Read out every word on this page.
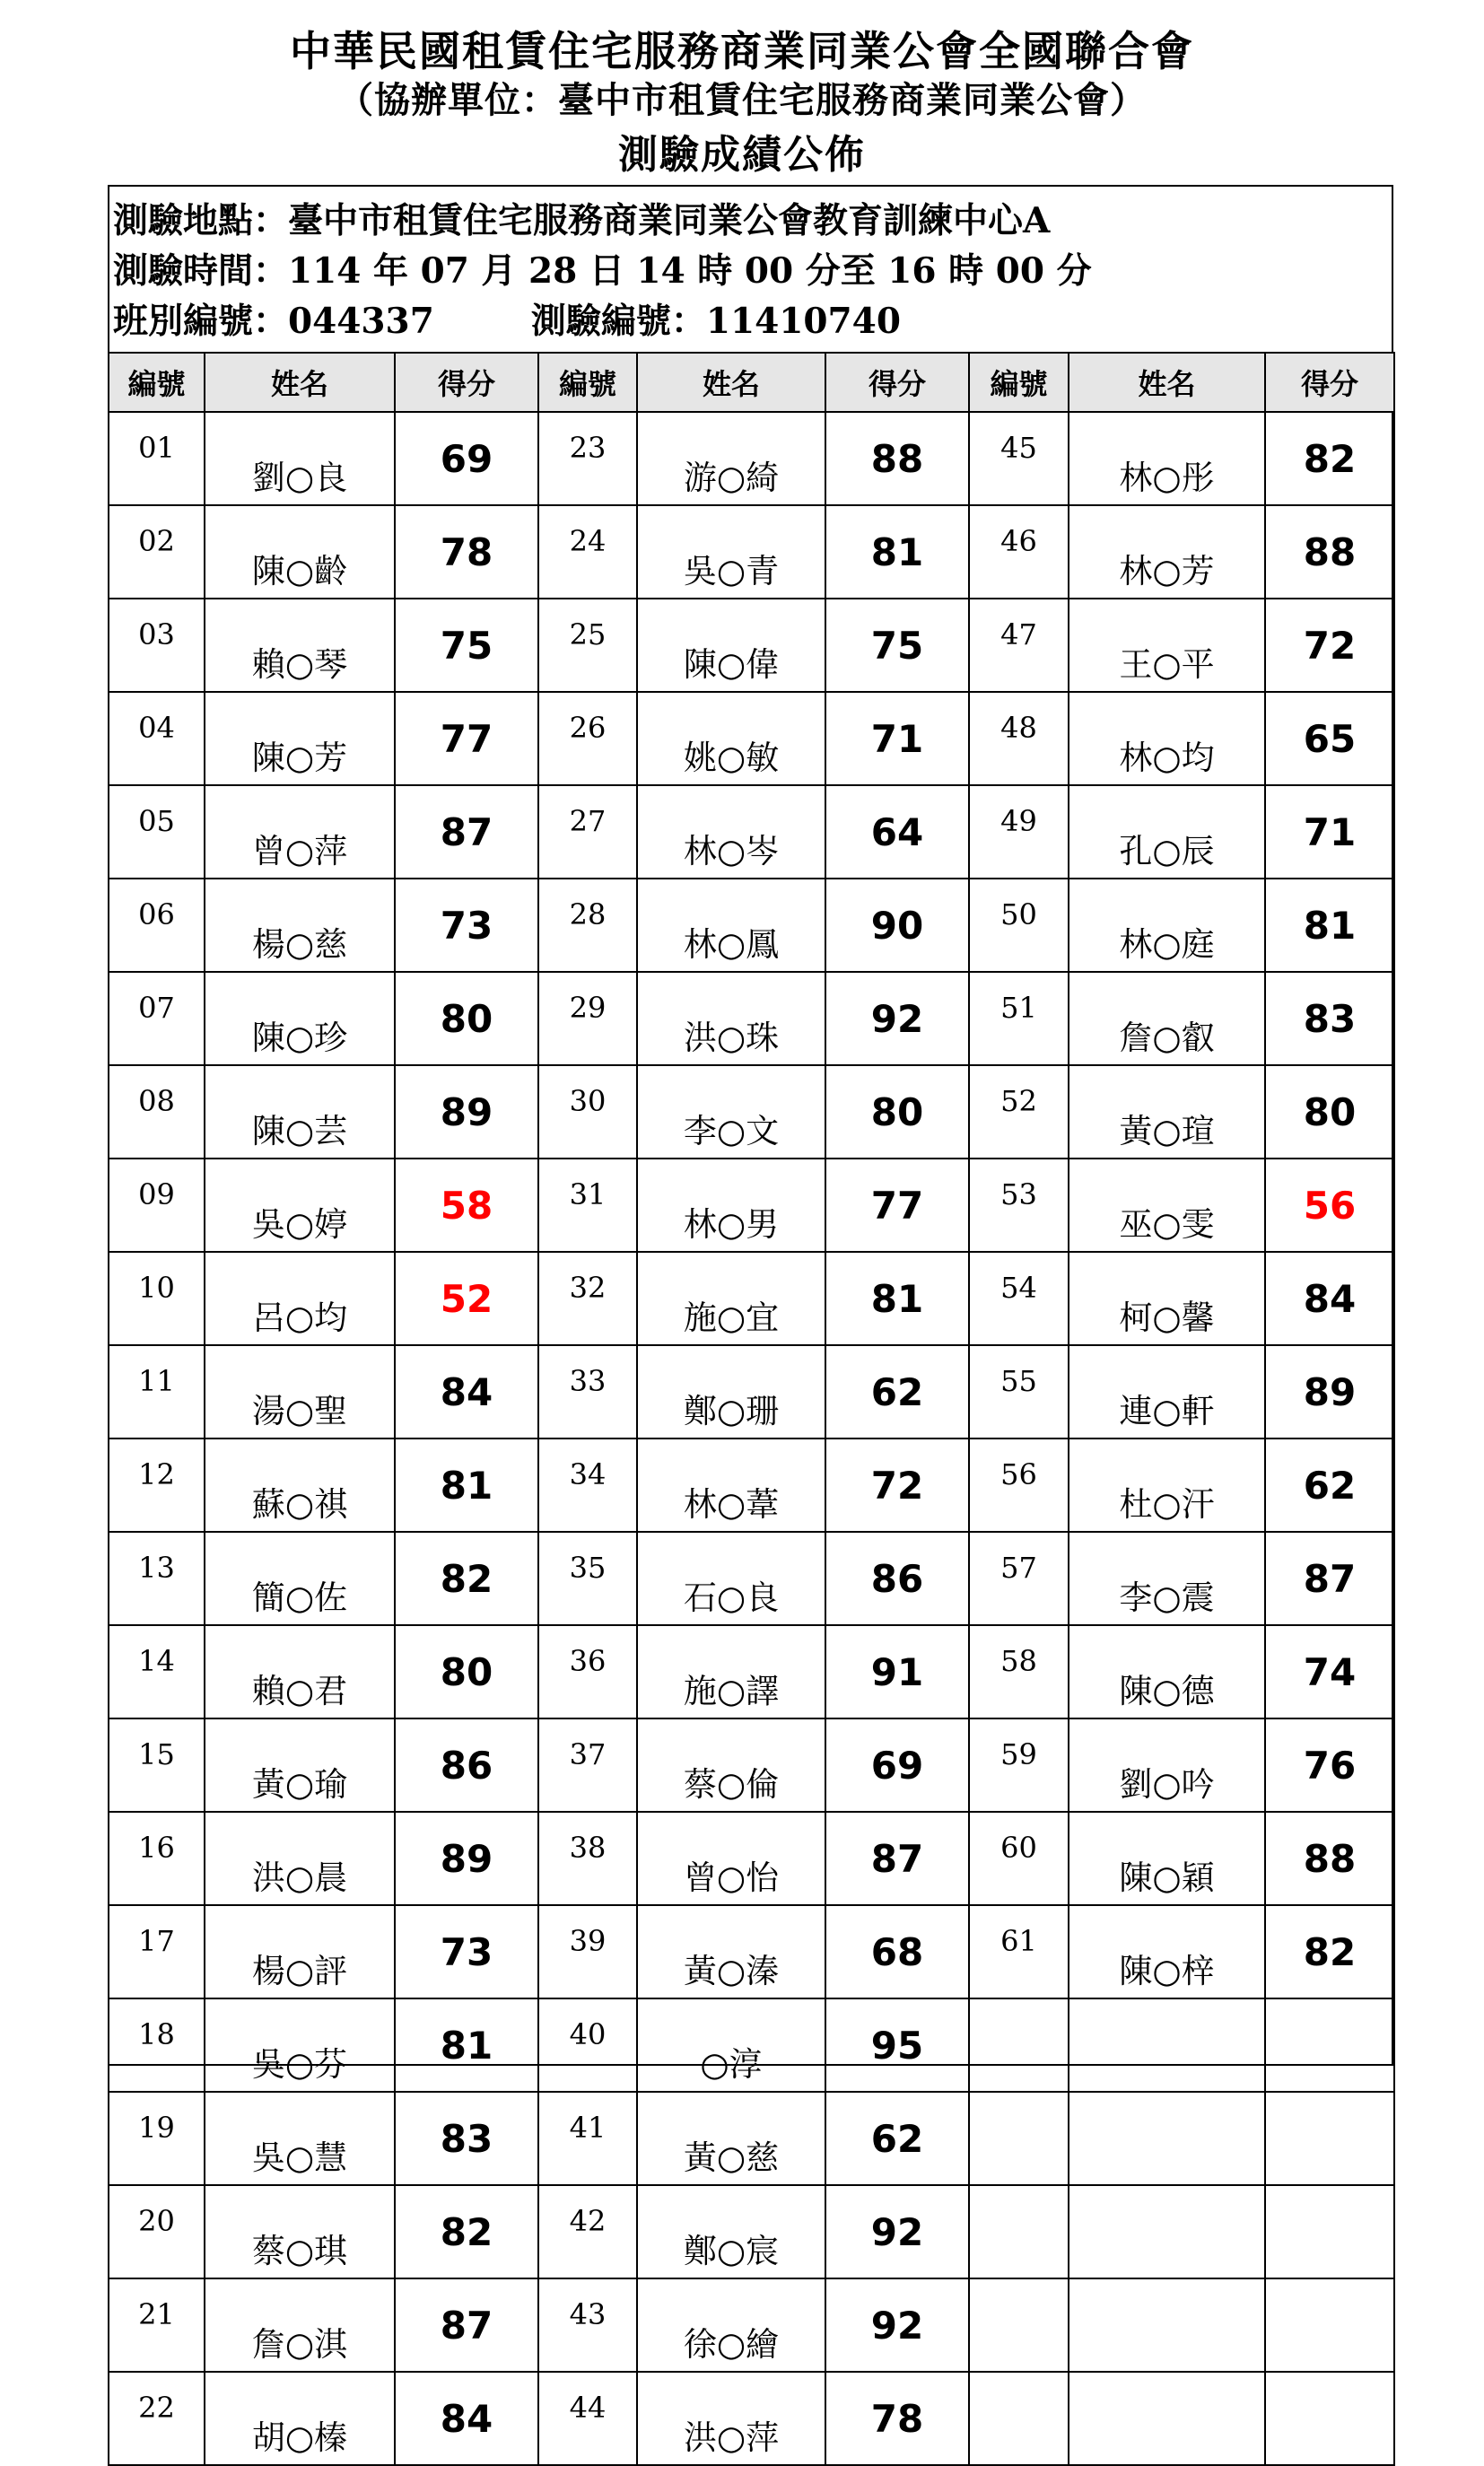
中華民國租賃住宅服務商業同業公會全國聯合會
（協辦單位：臺中市租賃住宅服務商業同業公會）
測驗成績公佈
測驗地點：臺中市租賃住宅服務商業同業公會教育訓練中心A
測驗時間：114 年 07 月 28 日 14 時 00 分至 16 時 00 分
班別編號：044337	測驗編號：11410740
編號	姓名	得分	編號	姓名	得分	編號	姓名	得分
01	劉○良	69	23	游○綺	88	45	林○彤	82
02	陳○齡	78	24	吳○青	81	46	林○芳	88
03	賴○琴	75	25	陳○偉	75	47	王○平	72
04	陳○芳	77	26	姚○敏	71	48	林○均	65
05	曾○萍	87	27	林○岑	64	49	孔○辰	71
06	楊○慈	73	28	林○鳳	90	50	林○庭	81
07	陳○珍	80	29	洪○珠	92	51	詹○叡	83
08	陳○芸	89	30	李○文	80	52	黃○瑄	80
09	吳○婷	58	31	林○男	77	53	巫○雯	56
10	呂○均	52	32	施○宜	81	54	柯○馨	84
11	湯○聖	84	33	鄭○珊	62	55	連○軒	89
12	蘇○祺	81	34	林○葦	72	56	杜○汗	62
13	簡○佐	82	35	石○良	86	57	李○震	87
14	賴○君	80	36	施○譯	91	58	陳○德	74
15	黃○瑜	86	37	蔡○倫	69	59	劉○吟	76
16	洪○晨	89	38	曾○怡	87	60	陳○穎	88
17	楊○評	73	39	黃○溱	68	61	陳○梓	82
18	吳○芬	81	40	○淳	95			
19	吳○慧	83	41	黃○慈	62			
20	蔡○琪	82	42	鄭○宸	92			
21	詹○淇	87	43	徐○繪	92			
22	胡○榛	84	44	洪○萍	78			
